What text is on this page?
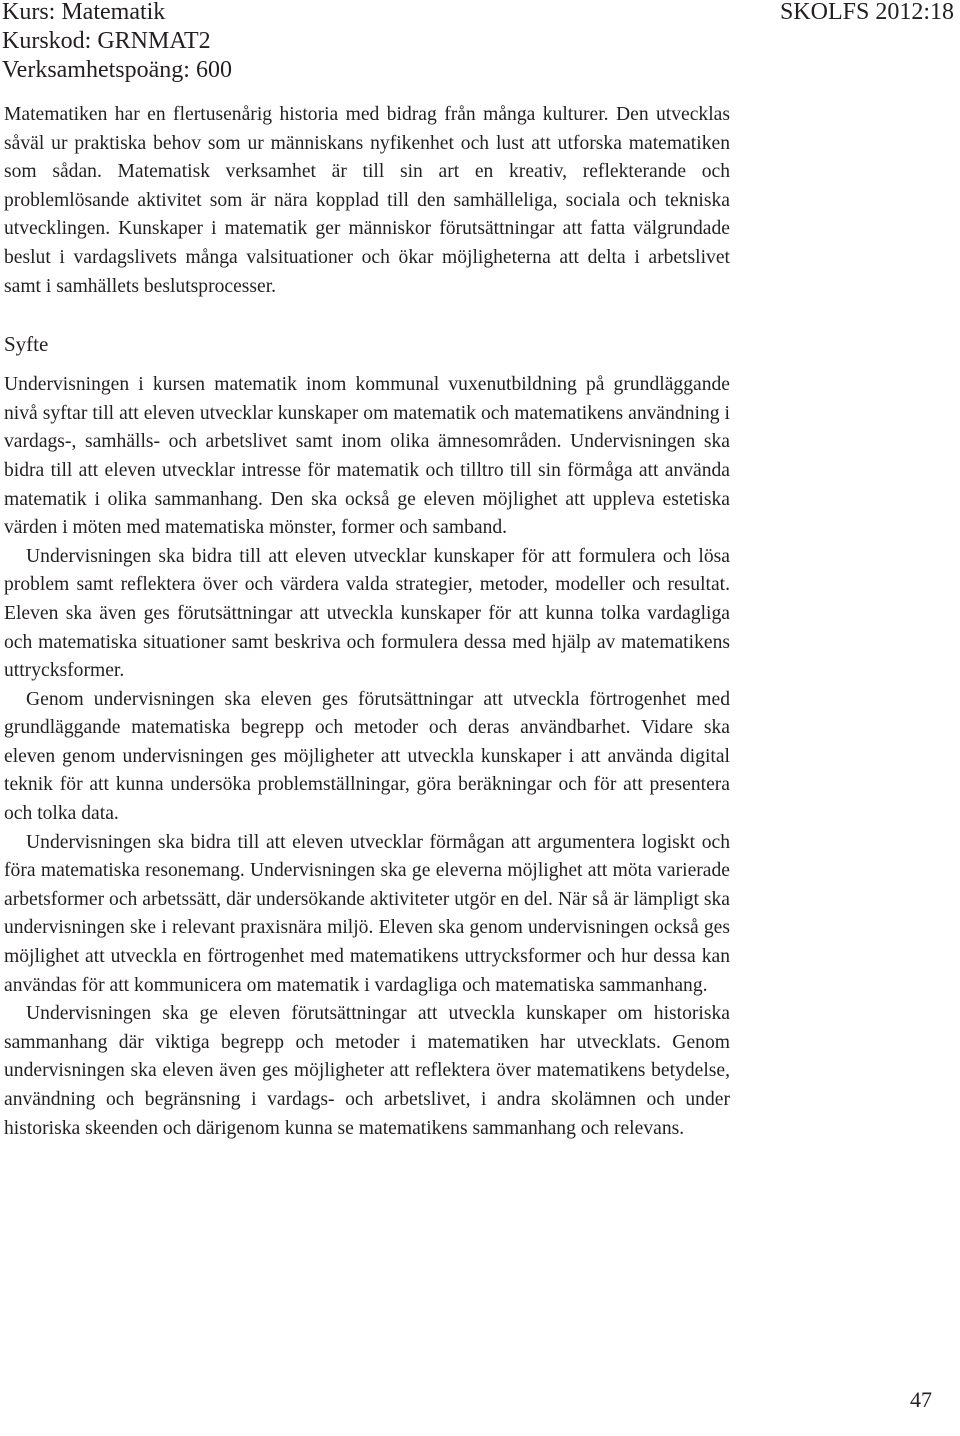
Kurs: Matematik
Kurskod: GRNMAT2
Verksamhetspoäng: 600
SKOLFS 2012:18

Matematiken har en flertusenårig historia med bidrag från många kulturer. Den utvecklas såväl ur praktiska behov som ur människans nyfikenhet och lust att utforska matematiken som sådan. Matematisk verksamhet är till sin art en kreativ, reflekterande och problemlösande aktivitet som är nära kopplad till den samhälleliga, sociala och tekniska utvecklingen. Kunskaper i matematik ger människor förutsättningar att fatta välgrundade beslut i vardagslivets många valsituationer och ökar möjligheterna att delta i arbetslivet samt i samhällets beslutsprocesser.

Syfte

Undervisningen i kursen matematik inom kommunal vuxenutbildning på grundläggande nivå syftar till att eleven utvecklar kunskaper om matematik och matematikens användning i vardags-, samhälls- och arbetslivet samt inom olika ämnesområden. Undervisningen ska bidra till att eleven utvecklar intresse för matematik och tilltro till sin förmåga att använda matematik i olika sammanhang. Den ska också ge eleven möjlighet att uppleva estetiska värden i möten med matematiska mönster, former och samband.

Undervisningen ska bidra till att eleven utvecklar kunskaper för att formulera och lösa problem samt reflektera över och värdera valda strategier, metoder, modeller och resultat. Eleven ska även ges förutsättningar att utveckla kunskaper för att kunna tolka vardagliga och matematiska situationer samt beskriva och formulera dessa med hjälp av matematikens uttrycksformer.

Genom undervisningen ska eleven ges förutsättningar att utveckla förtrogenhet med grundläggande matematiska begrepp och metoder och deras användbarhet. Vidare ska eleven genom undervisningen ges möjligheter att utveckla kunskaper i att använda digital teknik för att kunna undersöka problemställningar, göra beräkningar och för att presentera och tolka data.

Undervisningen ska bidra till att eleven utvecklar förmågan att argumentera logiskt och föra matematiska resonemang. Undervisningen ska ge eleverna möjlighet att möta varierade arbetsformer och arbetssätt, där undersökande aktiviteter utgör en del. När så är lämpligt ska undervisningen ske i relevant praxisnära miljö. Eleven ska genom undervisningen också ges möjlighet att utveckla en förtrogenhet med matematikens uttrycksformer och hur dessa kan användas för att kommunicera om matematik i vardagliga och matematiska sammanhang.

Undervisningen ska ge eleven förutsättningar att utveckla kunskaper om historiska sammanhang där viktiga begrepp och metoder i matematiken har utvecklats. Genom undervisningen ska eleven även ges möjligheter att reflektera över matematikens betydelse, användning och begränsning i vardags- och arbetslivet, i andra skolämnen och under historiska skeenden och därigenom kunna se matematikens sammanhang och relevans.

47
